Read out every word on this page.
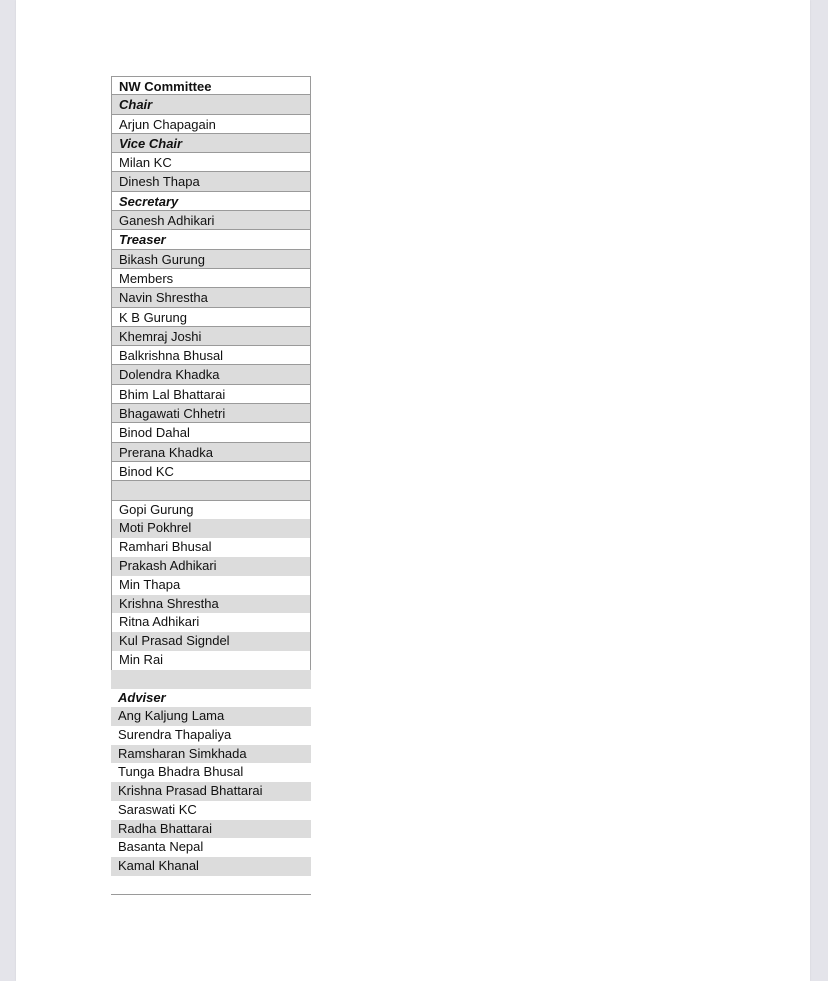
NW Committee
Chair
Arjun Chapagain
Vice Chair
Milan KC
Dinesh Thapa
Secretary
Ganesh Adhikari
Treaser
Bikash Gurung
Members
Navin Shrestha
K B Gurung
Khemraj Joshi
Balkrishna Bhusal
Dolendra Khadka
Bhim Lal Bhattarai
Bhagawati Chhetri
Binod Dahal
Prerana Khadka
Binod KC
Gopi Gurung
Moti Pokhrel
Ramhari Bhusal
Prakash Adhikari
Min Thapa
Krishna Shrestha
Ritna Adhikari
Kul Prasad Signdel
Min Rai
Adviser
Ang Kaljung Lama
Surendra Thapaliya
Ramsharan Simkhada
Tunga Bhadra Bhusal
Krishna Prasad Bhattarai
Saraswati KC
Radha Bhattarai
Basanta Nepal
Kamal Khanal
